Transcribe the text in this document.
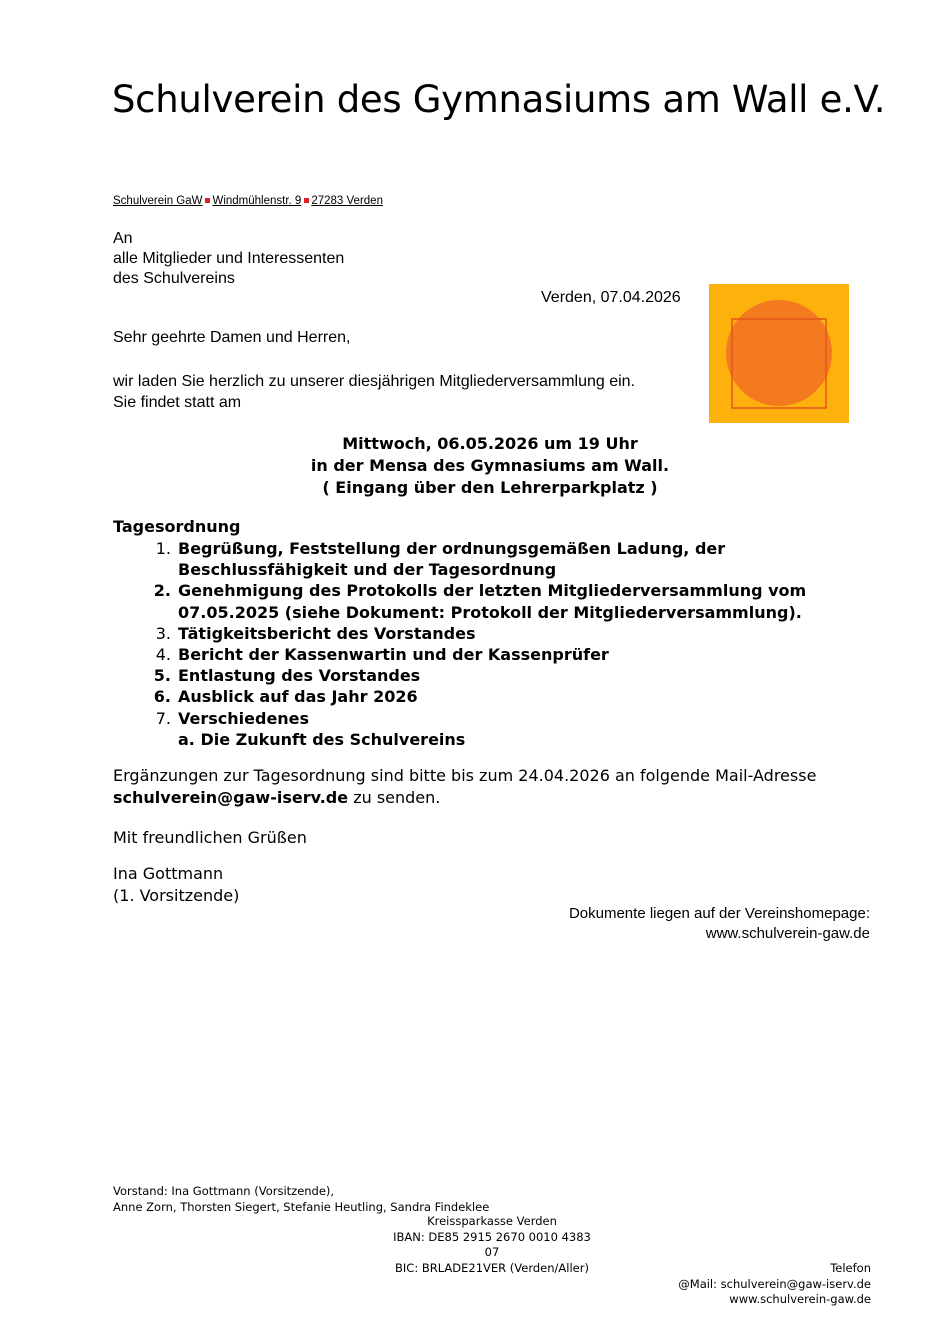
Schulverein des Gymnasiums am Wall e.V.
Schulverein GaW Windmühlenstr. 9 27283 Verden
An
alle Mitglieder und Interessenten
des Schulvereins
Verden, 07.04.2026
Sehr geehrte Damen und Herren,
wir laden Sie herzlich zu unserer diesjährigen Mitgliederversammlung ein.
Sie findet statt am
Mittwoch, 06.05.2026 um 19 Uhr
in der Mensa des Gymnasiums am Wall.
( Eingang über den Lehrerparkplatz )
Tagesordnung
1. Begrüßung, Feststellung der ordnungsgemäßen Ladung, der Beschlussfähigkeit und der Tagesordnung
2. Genehmigung des Protokolls der letzten Mitgliederversammlung vom 07.05.2025 (siehe Dokument: Protokoll der Mitgliederversammlung).
3. Tätigkeitsbericht des Vorstandes
4. Bericht der Kassenwartin und der Kassenprüfer
5. Entlastung des Vorstandes
6. Ausblick auf das Jahr 2026
7. Verschiedenes
a. Die Zukunft des Schulvereins
Ergänzungen zur Tagesordnung sind bitte bis zum 24.04.2026 an folgende Mail-Adresse
schulverein@gaw-iserv.de zu senden.
Mit freundlichen Grüßen
Ina Gottmann
(1. Vorsitzende)
Dokumente liegen auf der Vereinshomepage:
www.schulverein-gaw.de
Vorstand: Ina Gottmann (Vorsitzende),
Anne Zorn, Thorsten Siegert, Stefanie Heutling, Sandra Findeklee
Kreissparkasse Verden
IBAN: DE85 2915 2670 0010 4383 07
BIC: BRLADE21VER (Verden/Aller)	Telefon
@Mail: schulverein@gaw-iserv.de
www.schulverein-gaw.de
